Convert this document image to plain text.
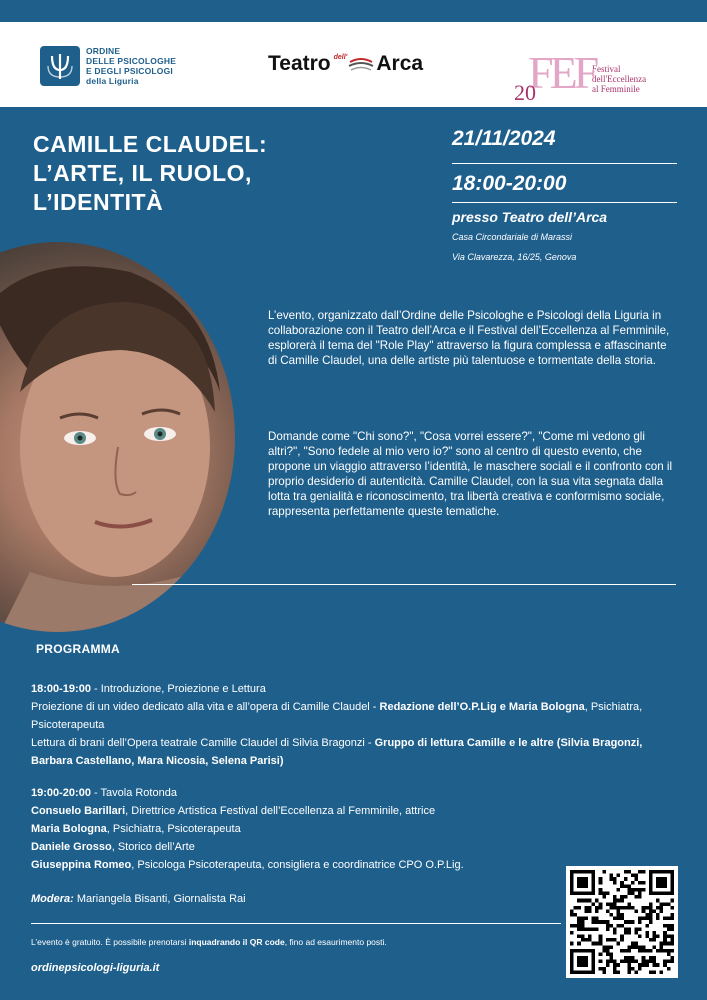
ORDINE
DELLE PSICOLOGHE
E DEGLI PSICOLOGI
della Liguria
Teatro dell' Arca FEF
20
Festival
dell'Eccellenza
al Femminile
CAMILLE CLAUDEL:
L’ARTE, IL RUOLO,
L’IDENTITÀ
21/11/2024
18:00-20:00
presso Teatro dell’Arca
Casa Circondariale di Marassi
Via Clavarezza, 16/25, Genova
L’evento, organizzato dall’Ordine delle Psicologhe e Psicologi della Liguria in collaborazione con il Teatro dell’Arca e il Festival dell’Eccellenza al Femminile, esplorerà il tema del "Role Play" attraverso la figura complessa e affascinante di Camille Claudel, una delle artiste più talentuose e tormentate della storia.
Domande come "Chi sono?", "Cosa vorrei essere?", "Come mi vedono gli altri?", "Sono fedele al mio vero io?" sono al centro di questo evento, che propone un viaggio attraverso l’identità, le maschere sociali e il confronto con il proprio desiderio di autenticità. Camille Claudel, con la sua vita segnata dalla lotta tra genialità e riconoscimento, tra libertà creativa e conformismo sociale, rappresenta perfettamente queste tematiche.
PROGRAMMA
18:00-19:00 - Introduzione, Proiezione e Lettura
Proiezione di un video dedicato alla vita e all’opera di Camille Claudel - Redazione dell’O.P.Lig e Maria Bologna, Psichiatra, Psicoterapeuta
Lettura di brani dell’Opera teatrale Camille Claudel di Silvia Bragonzi - Gruppo di lettura Camille e le altre (Silvia Bragonzi, Barbara Castellano, Mara Nicosia, Selena Parisi)
19:00-20:00 - Tavola Rotonda
Consuelo Barillari, Direttrice Artistica Festival dell’Eccellenza al Femminile, attrice
Maria Bologna, Psichiatra, Psicoterapeuta
Daniele Grosso, Storico dell’Arte
Giuseppina Romeo, Psicologa Psicoterapeuta, consigliera e coordinatrice CPO O.P.Lig.
Modera: Mariangela Bisanti, Giornalista Rai
L’evento è gratuito. È possibile prenotarsi inquadrando il QR code, fino ad esaurimento posti.
ordinepsicologi-liguria.it
